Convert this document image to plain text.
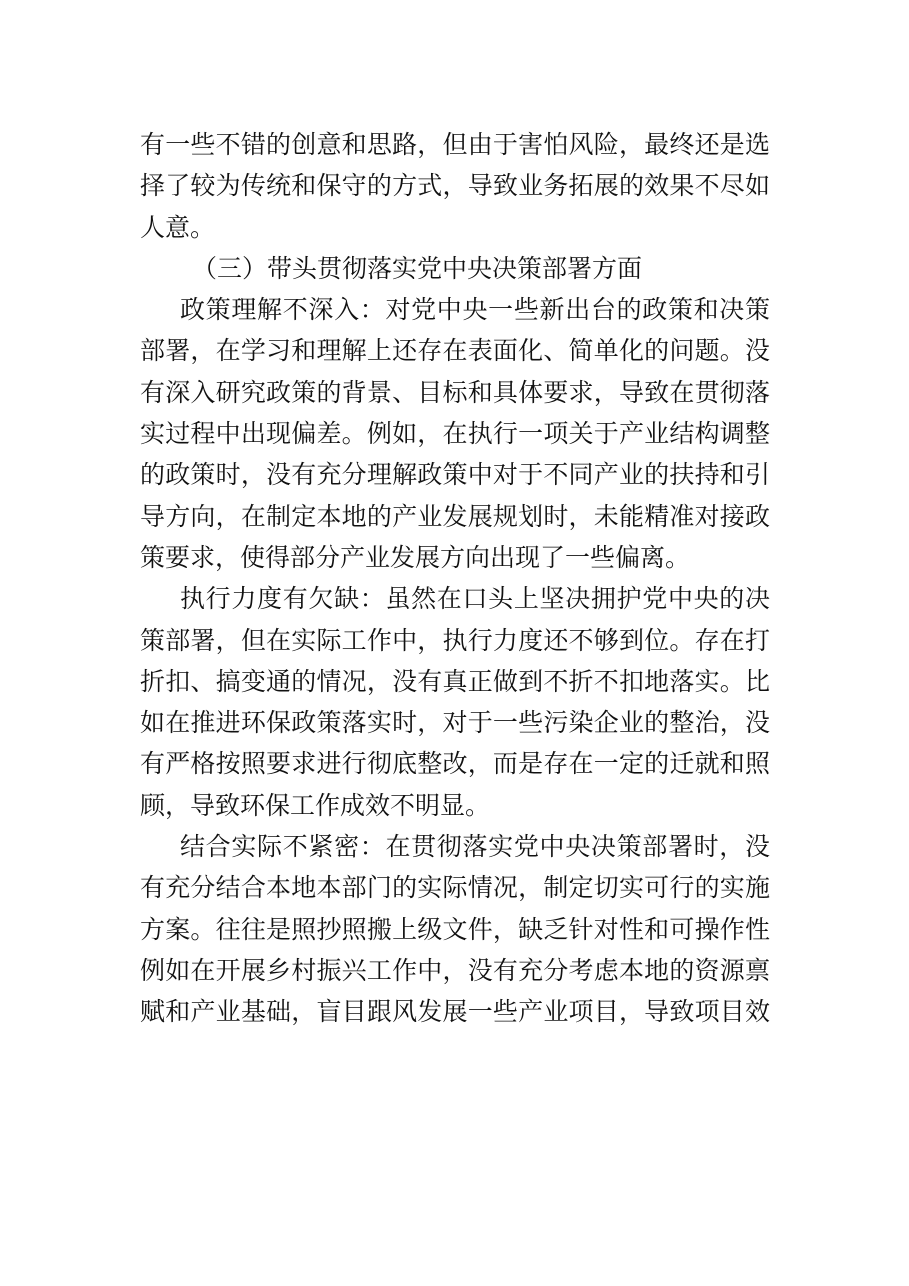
有一些不错的创意和思路，但由于害怕风险，最终还是选
择了较为传统和保守的方式，导致业务拓展的效果不尽如
人意。
（三）带头贯彻落实党中央决策部署方面
政策理解不深入：对党中央一些新出台的政策和决策
部署，在学习和理解上还存在表面化、简单化的问题。没
有深入研究政策的背景、目标和具体要求，导致在贯彻落
实过程中出现偏差。例如，在执行一项关于产业结构调整
的政策时，没有充分理解政策中对于不同产业的扶持和引
导方向，在制定本地的产业发展规划时，未能精准对接政
策要求，使得部分产业发展方向出现了一些偏离。
执行力度有欠缺：虽然在口头上坚决拥护党中央的决
策部署，但在实际工作中，执行力度还不够到位。存在打
折扣、搞变通的情况，没有真正做到不折不扣地落实。比
如在推进环保政策落实时，对于一些污染企业的整治，没
有严格按照要求进行彻底整改，而是存在一定的迁就和照
顾，导致环保工作成效不明显。
结合实际不紧密：在贯彻落实党中央决策部署时，没
有充分结合本地本部门的实际情况，制定切实可行的实施
方案。往往是照抄照搬上级文件，缺乏针对性和可操作性
例如在开展乡村振兴工作中，没有充分考虑本地的资源禀
赋和产业基础，盲目跟风发展一些产业项目，导致项目效
